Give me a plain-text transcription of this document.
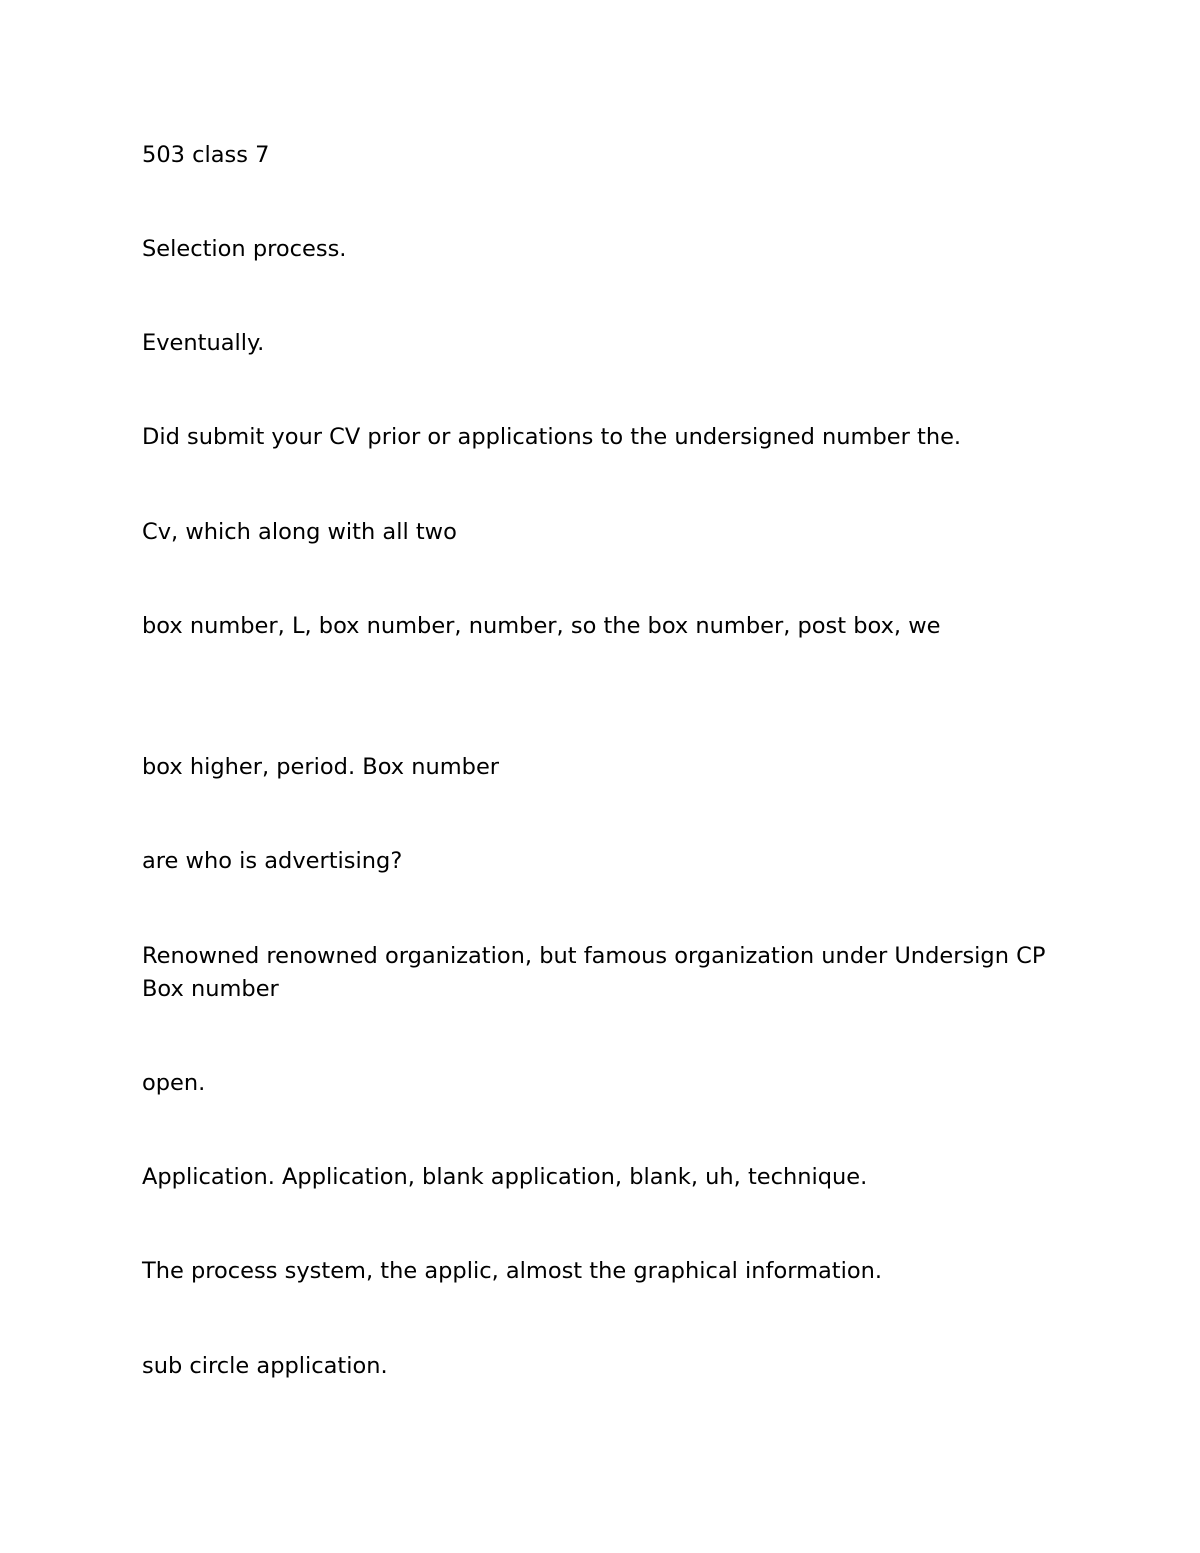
503 class 7

Selection process.

Eventually.

Did submit your CV prior or applications to the undersigned number the.

Cv, which along with all two

box number, L, box number, number, so the box number, post box, we

box higher, period. Box number

are who is advertising?

Renowned renowned organization, but famous organization under Undersign CP Box number

open.

Application. Application, blank application, blank, uh, technique.

The process system, the applic, almost the graphical information.

sub circle application.
